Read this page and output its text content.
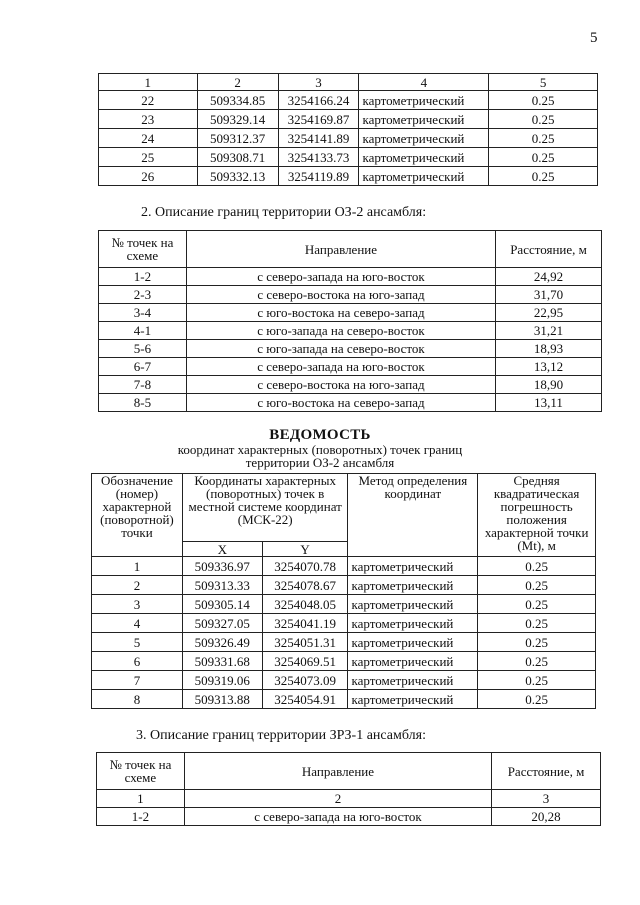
5
1	2	3	4	5
22	509334.85	3254166.24	картометрический	0.25
23	509329.14	3254169.87	картометрический	0.25
24	509312.37	3254141.89	картометрический	0.25
25	509308.71	3254133.73	картометрический	0.25
26	509332.13	3254119.89	картометрический	0.25
2. Описание границ территории ОЗ-2 ансамбля:
№ точек на схеме	Направление	Расстояние, м
1-2	с северо-запада на юго-восток	24,92
2-3	с северо-востока на юго-запад	31,70
3-4	с юго-востока на северо-запад	22,95
4-1	с юго-запада на северо-восток	31,21
5-6	с юго-запада на северо-восток	18,93
6-7	с северо-запада на юго-восток	13,12
7-8	с северо-востока на юго-запад	18,90
8-5	с юго-востока на северо-запад	13,11
ВЕДОМОСТЬ
координат характерных (поворотных) точек границ
территории ОЗ-2 ансамбля
Обозначение (номер) характерной (поворотной) точки	Координаты характерных (поворотных) точек в местной системе координат (МСК-22)		Метод определения координат	Средняя квадратическая погрешность положения характерной точки (Mt), м
	X	Y		
1	509336.97	3254070.78	картометрический	0.25
2	509313.33	3254078.67	картометрический	0.25
3	509305.14	3254048.05	картометрический	0.25
4	509327.05	3254041.19	картометрический	0.25
5	509326.49	3254051.31	картометрический	0.25
6	509331.68	3254069.51	картометрический	0.25
7	509319.06	3254073.09	картометрический	0.25
8	509313.88	3254054.91	картометрический	0.25
3. Описание границ территории ЗРЗ-1 ансамбля:
№ точек на схеме	Направление	Расстояние, м
1	2	3
1-2	с северо-запада на юго-восток	20,28
